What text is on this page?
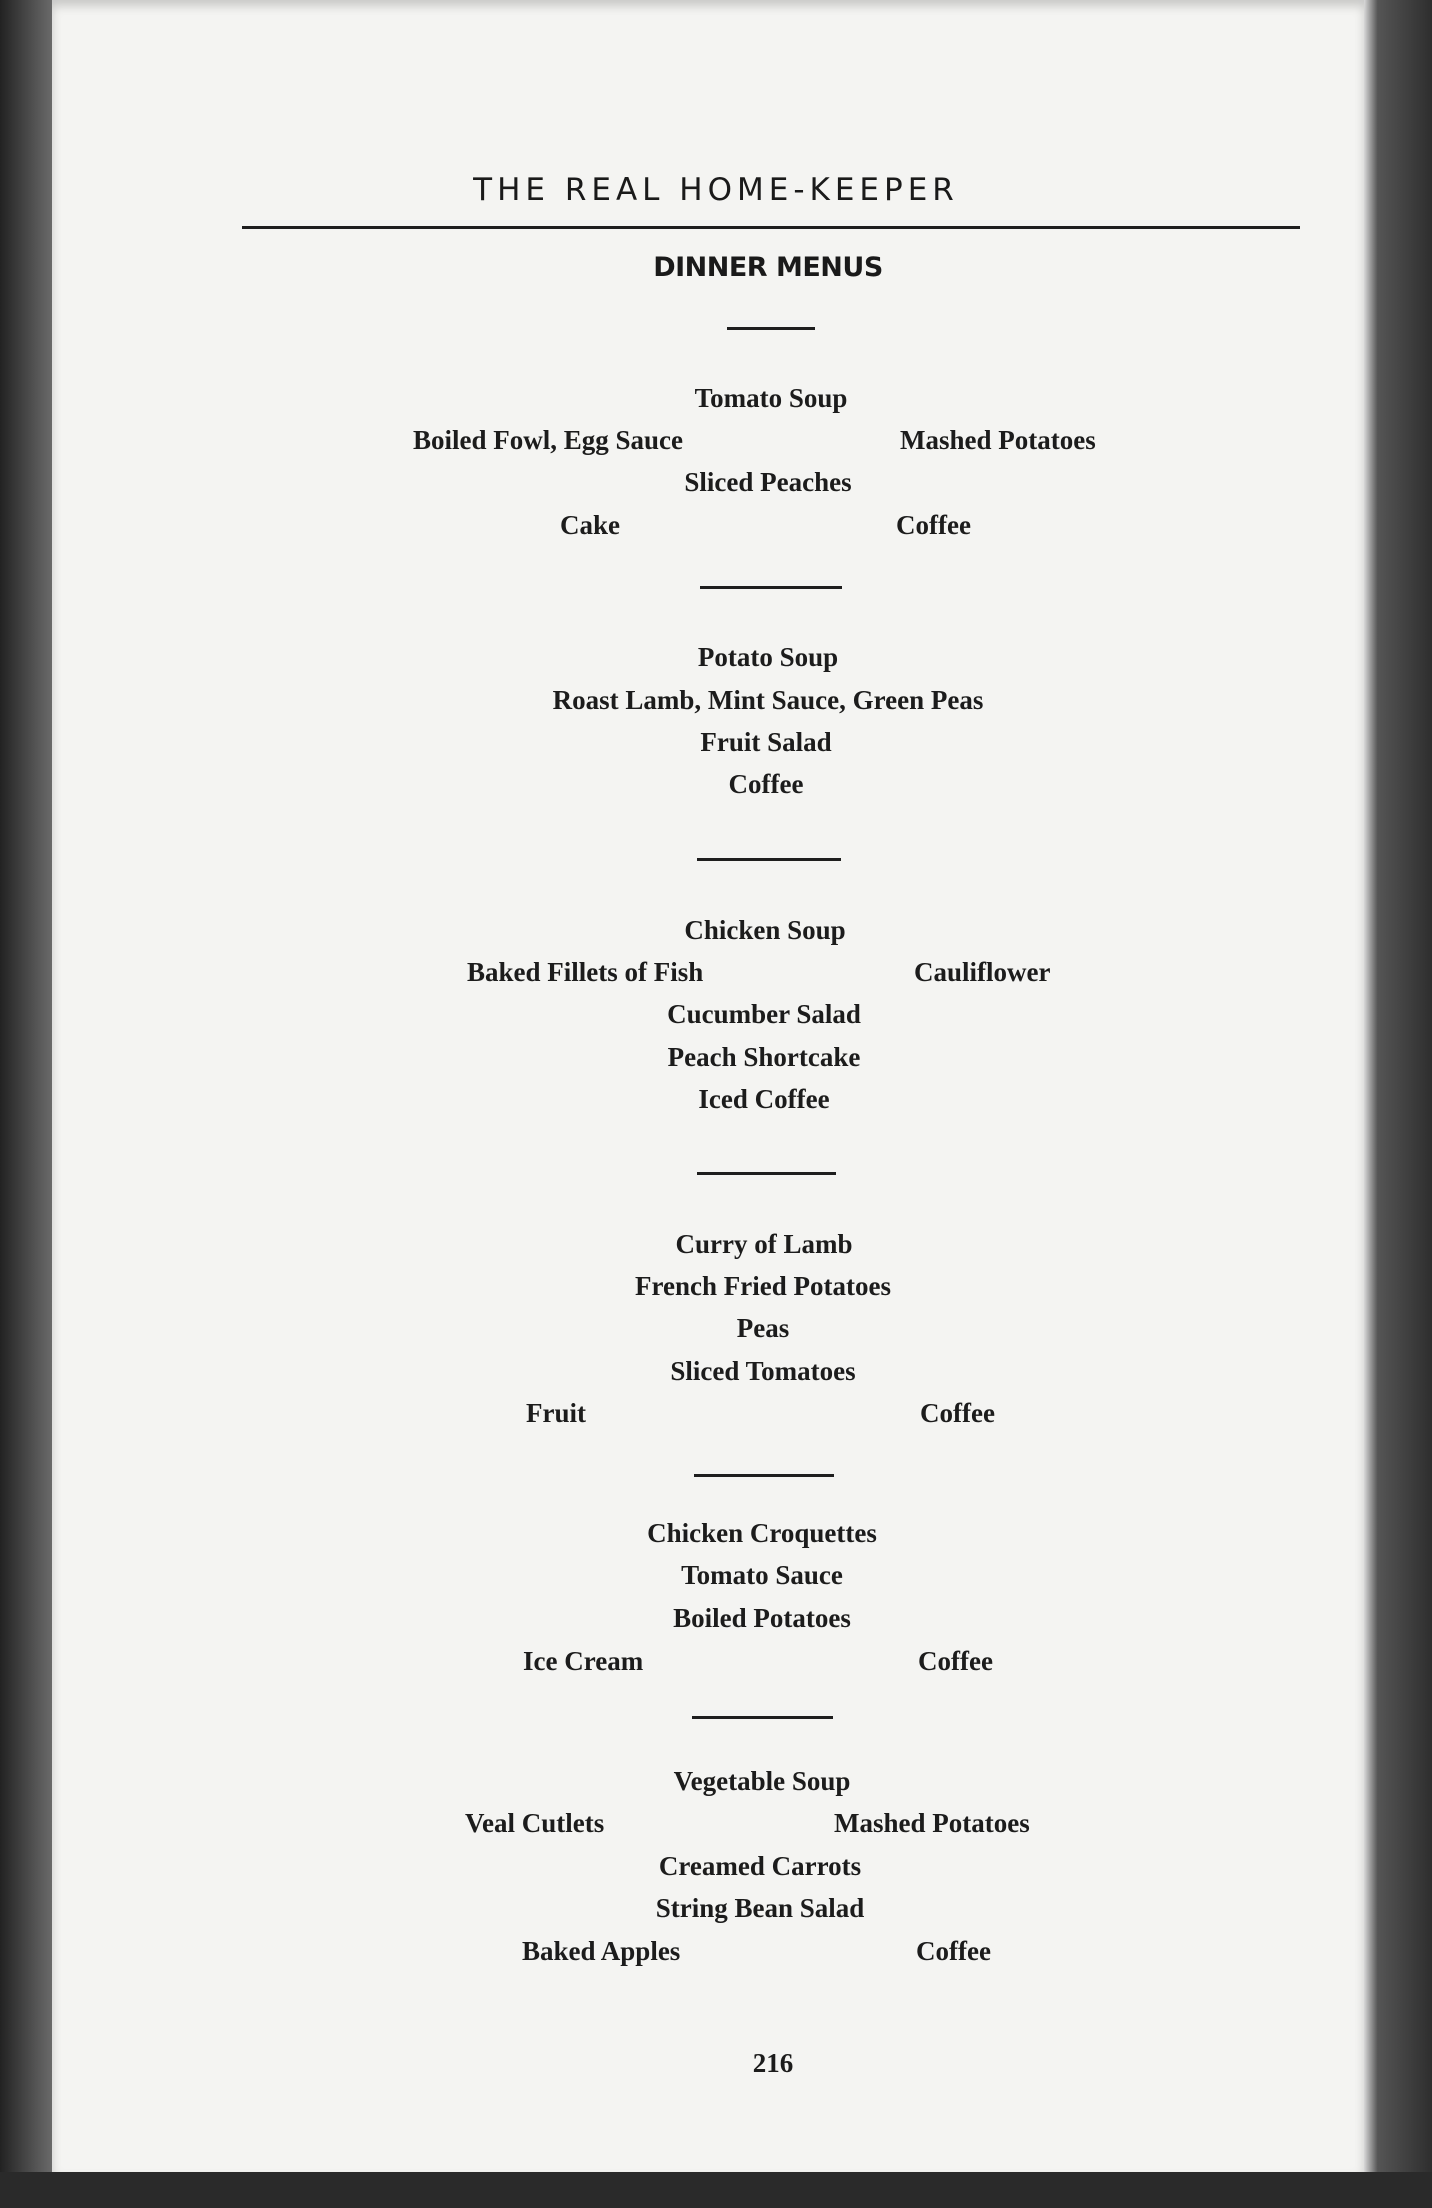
THE REAL HOME-KEEPER
DINNER MENUS
Tomato Soup
Boiled Fowl, Egg Sauce	Mashed Potatoes
Sliced Peaches
Cake	Coffee
Potato Soup
Roast Lamb, Mint Sauce, Green Peas
Fruit Salad
Coffee
Chicken Soup
Baked Fillets of Fish	Cauliflower
Cucumber Salad
Peach Shortcake
Iced Coffee
Curry of Lamb
French Fried Potatoes
Peas
Sliced Tomatoes
Fruit	Coffee
Chicken Croquettes
Tomato Sauce
Boiled Potatoes
Ice Cream	Coffee
Vegetable Soup
Veal Cutlets	Mashed Potatoes
Creamed Carrots
String Bean Salad
Baked Apples	Coffee
216
